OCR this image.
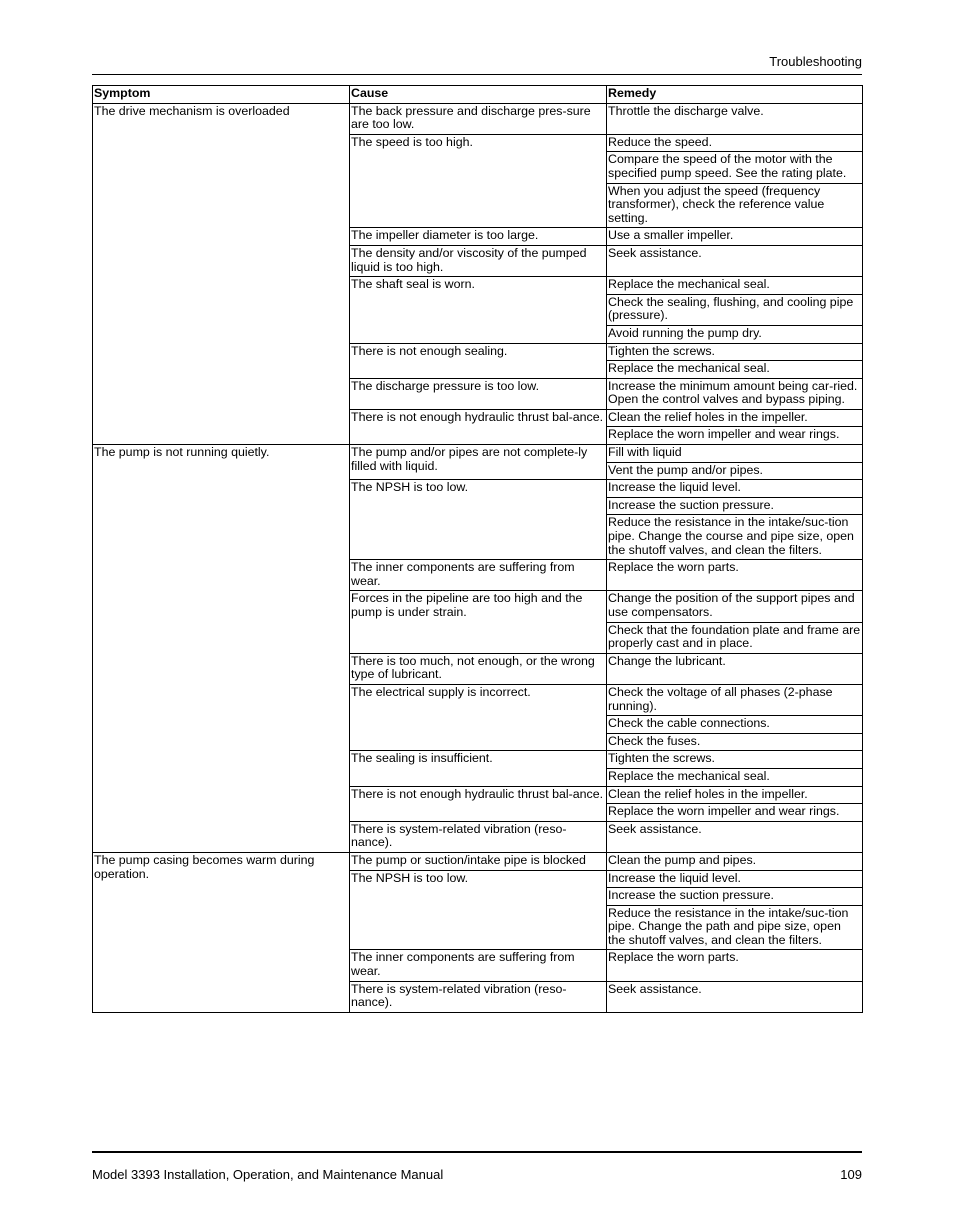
Troubleshooting
Symptom	Cause	Remedy
The drive mechanism is overloaded	The back pressure and discharge pres-sure are too low.	Throttle the discharge valve.
	The speed is too high.	Reduce the speed.
		Compare the speed of the motor with the specified pump speed. See the rating plate.
		When you adjust the speed (frequency transformer), check the reference value setting.
	The impeller diameter is too large.	Use a smaller impeller.
	The density and/or viscosity of the pumped liquid is too high.	Seek assistance.
	The shaft seal is worn.	Replace the mechanical seal.
		Check the sealing, flushing, and cooling pipe (pressure).
		Avoid running the pump dry.
	There is not enough sealing.	Tighten the screws.
		Replace the mechanical seal.
	The discharge pressure is too low.	Increase the minimum amount being car-ried. Open the control valves and bypass piping.
	There is not enough hydraulic thrust bal-ance.	Clean the relief holes in the impeller.
		Replace the worn impeller and wear rings.
The pump is not running quietly.	The pump and/or pipes are not complete-ly filled with liquid.	Fill with liquid
		Vent the pump and/or pipes.
	The NPSH is too low.	Increase the liquid level.
		Increase the suction pressure.
		Reduce the resistance in the intake/suc-tion pipe. Change the course and pipe size, open the shutoff valves, and clean the filters.
	The inner components are suffering from wear.	Replace the worn parts.
	Forces in the pipeline are too high and the pump is under strain.	Change the position of the support pipes and use compensators.
		Check that the foundation plate and frame are properly cast and in place.
	There is too much, not enough, or the wrong type of lubricant.	Change the lubricant.
	The electrical supply is incorrect.	Check the voltage of all phases (2-phase running).
		Check the cable connections.
		Check the fuses.
	The sealing is insufficient.	Tighten the screws.
		Replace the mechanical seal.
	There is not enough hydraulic thrust bal-ance.	Clean the relief holes in the impeller.
		Replace the worn impeller and wear rings.
	There is system-related vibration (reso-nance).	Seek assistance.
The pump casing becomes warm during operation.	The pump or suction/intake pipe is blocked	Clean the pump and pipes.
	The NPSH is too low.	Increase the liquid level.
		Increase the suction pressure.
		Reduce the resistance in the intake/suc-tion pipe. Change the path and pipe size, open the shutoff valves, and clean the filters.
	The inner components are suffering from wear.	Replace the worn parts.
	There is system-related vibration (reso-nance).	Seek assistance.
Model 3393 Installation, Operation, and Maintenance Manual	109
